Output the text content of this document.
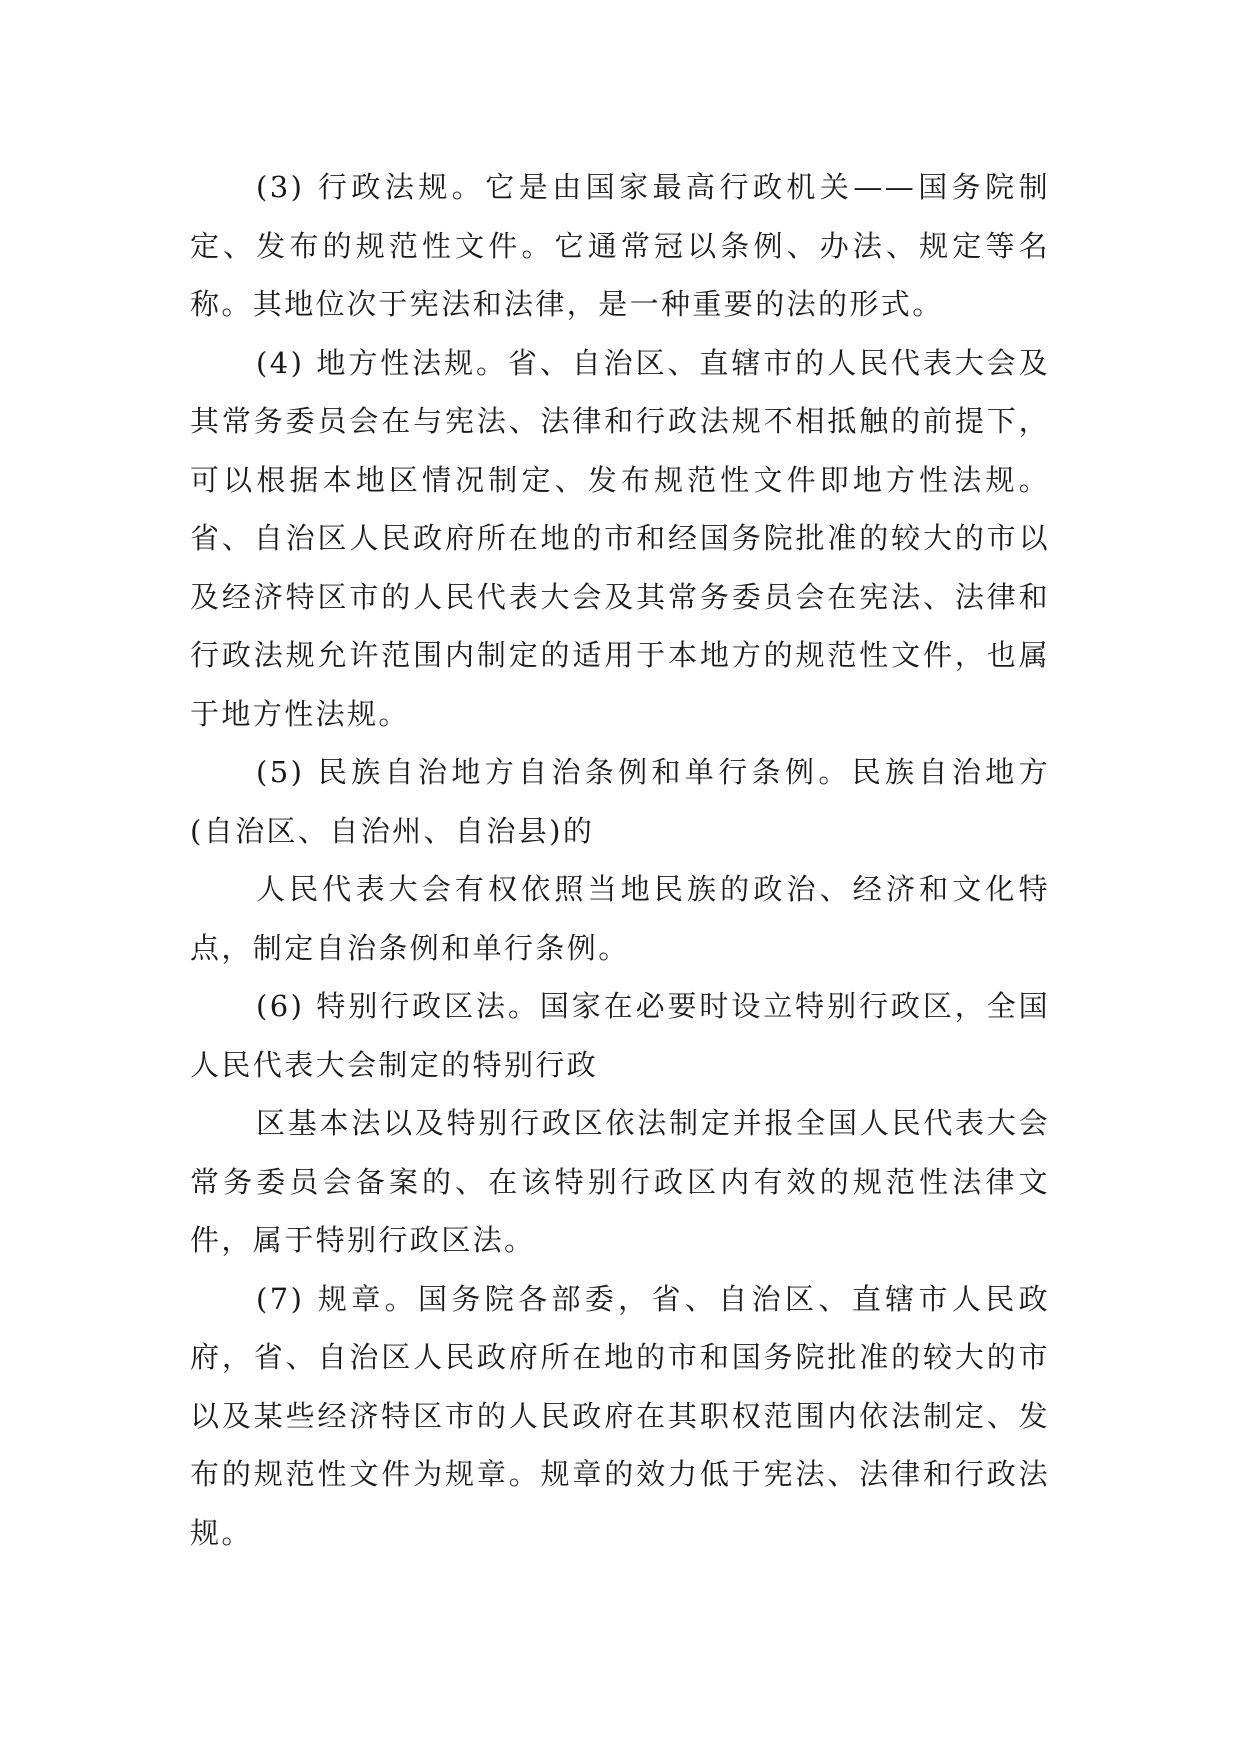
(3) 行政法规。它是由国家最高行政机关——国务院制定、发布的规范性文件。它通常冠以条例、办法、规定等名称。其地位次于宪法和法律，是一种重要的法的形式。

(4) 地方性法规。省、自治区、直辖市的人民代表大会及其常务委员会在与宪法、法律和行政法规不相抵触的前提下，可以根据本地区情况制定、发布规范性文件即地方性法规。省、自治区人民政府所在地的市和经国务院批准的较大的市以及经济特区市的人民代表大会及其常务委员会在宪法、法律和行政法规允许范围内制定的适用于本地方的规范性文件，也属于地方性法规。

(5) 民族自治地方自治条例和单行条例。民族自治地方(自治区、自治州、自治县)的

人民代表大会有权依照当地民族的政治、经济和文化特点，制定自治条例和单行条例。

(6) 特别行政区法。国家在必要时设立特别行政区，全国人民代表大会制定的特别行政

区基本法以及特别行政区依法制定并报全国人民代表大会常务委员会备案的、在该特别行政区内有效的规范性法律文件，属于特别行政区法。

(7) 规章。国务院各部委，省、自治区、直辖市人民政府，省、自治区人民政府所在地的市和国务院批准的较大的市以及某些经济特区市的人民政府在其职权范围内依法制定、发布的规范性文件为规章。规章的效力低于宪法、法律和行政法规。
